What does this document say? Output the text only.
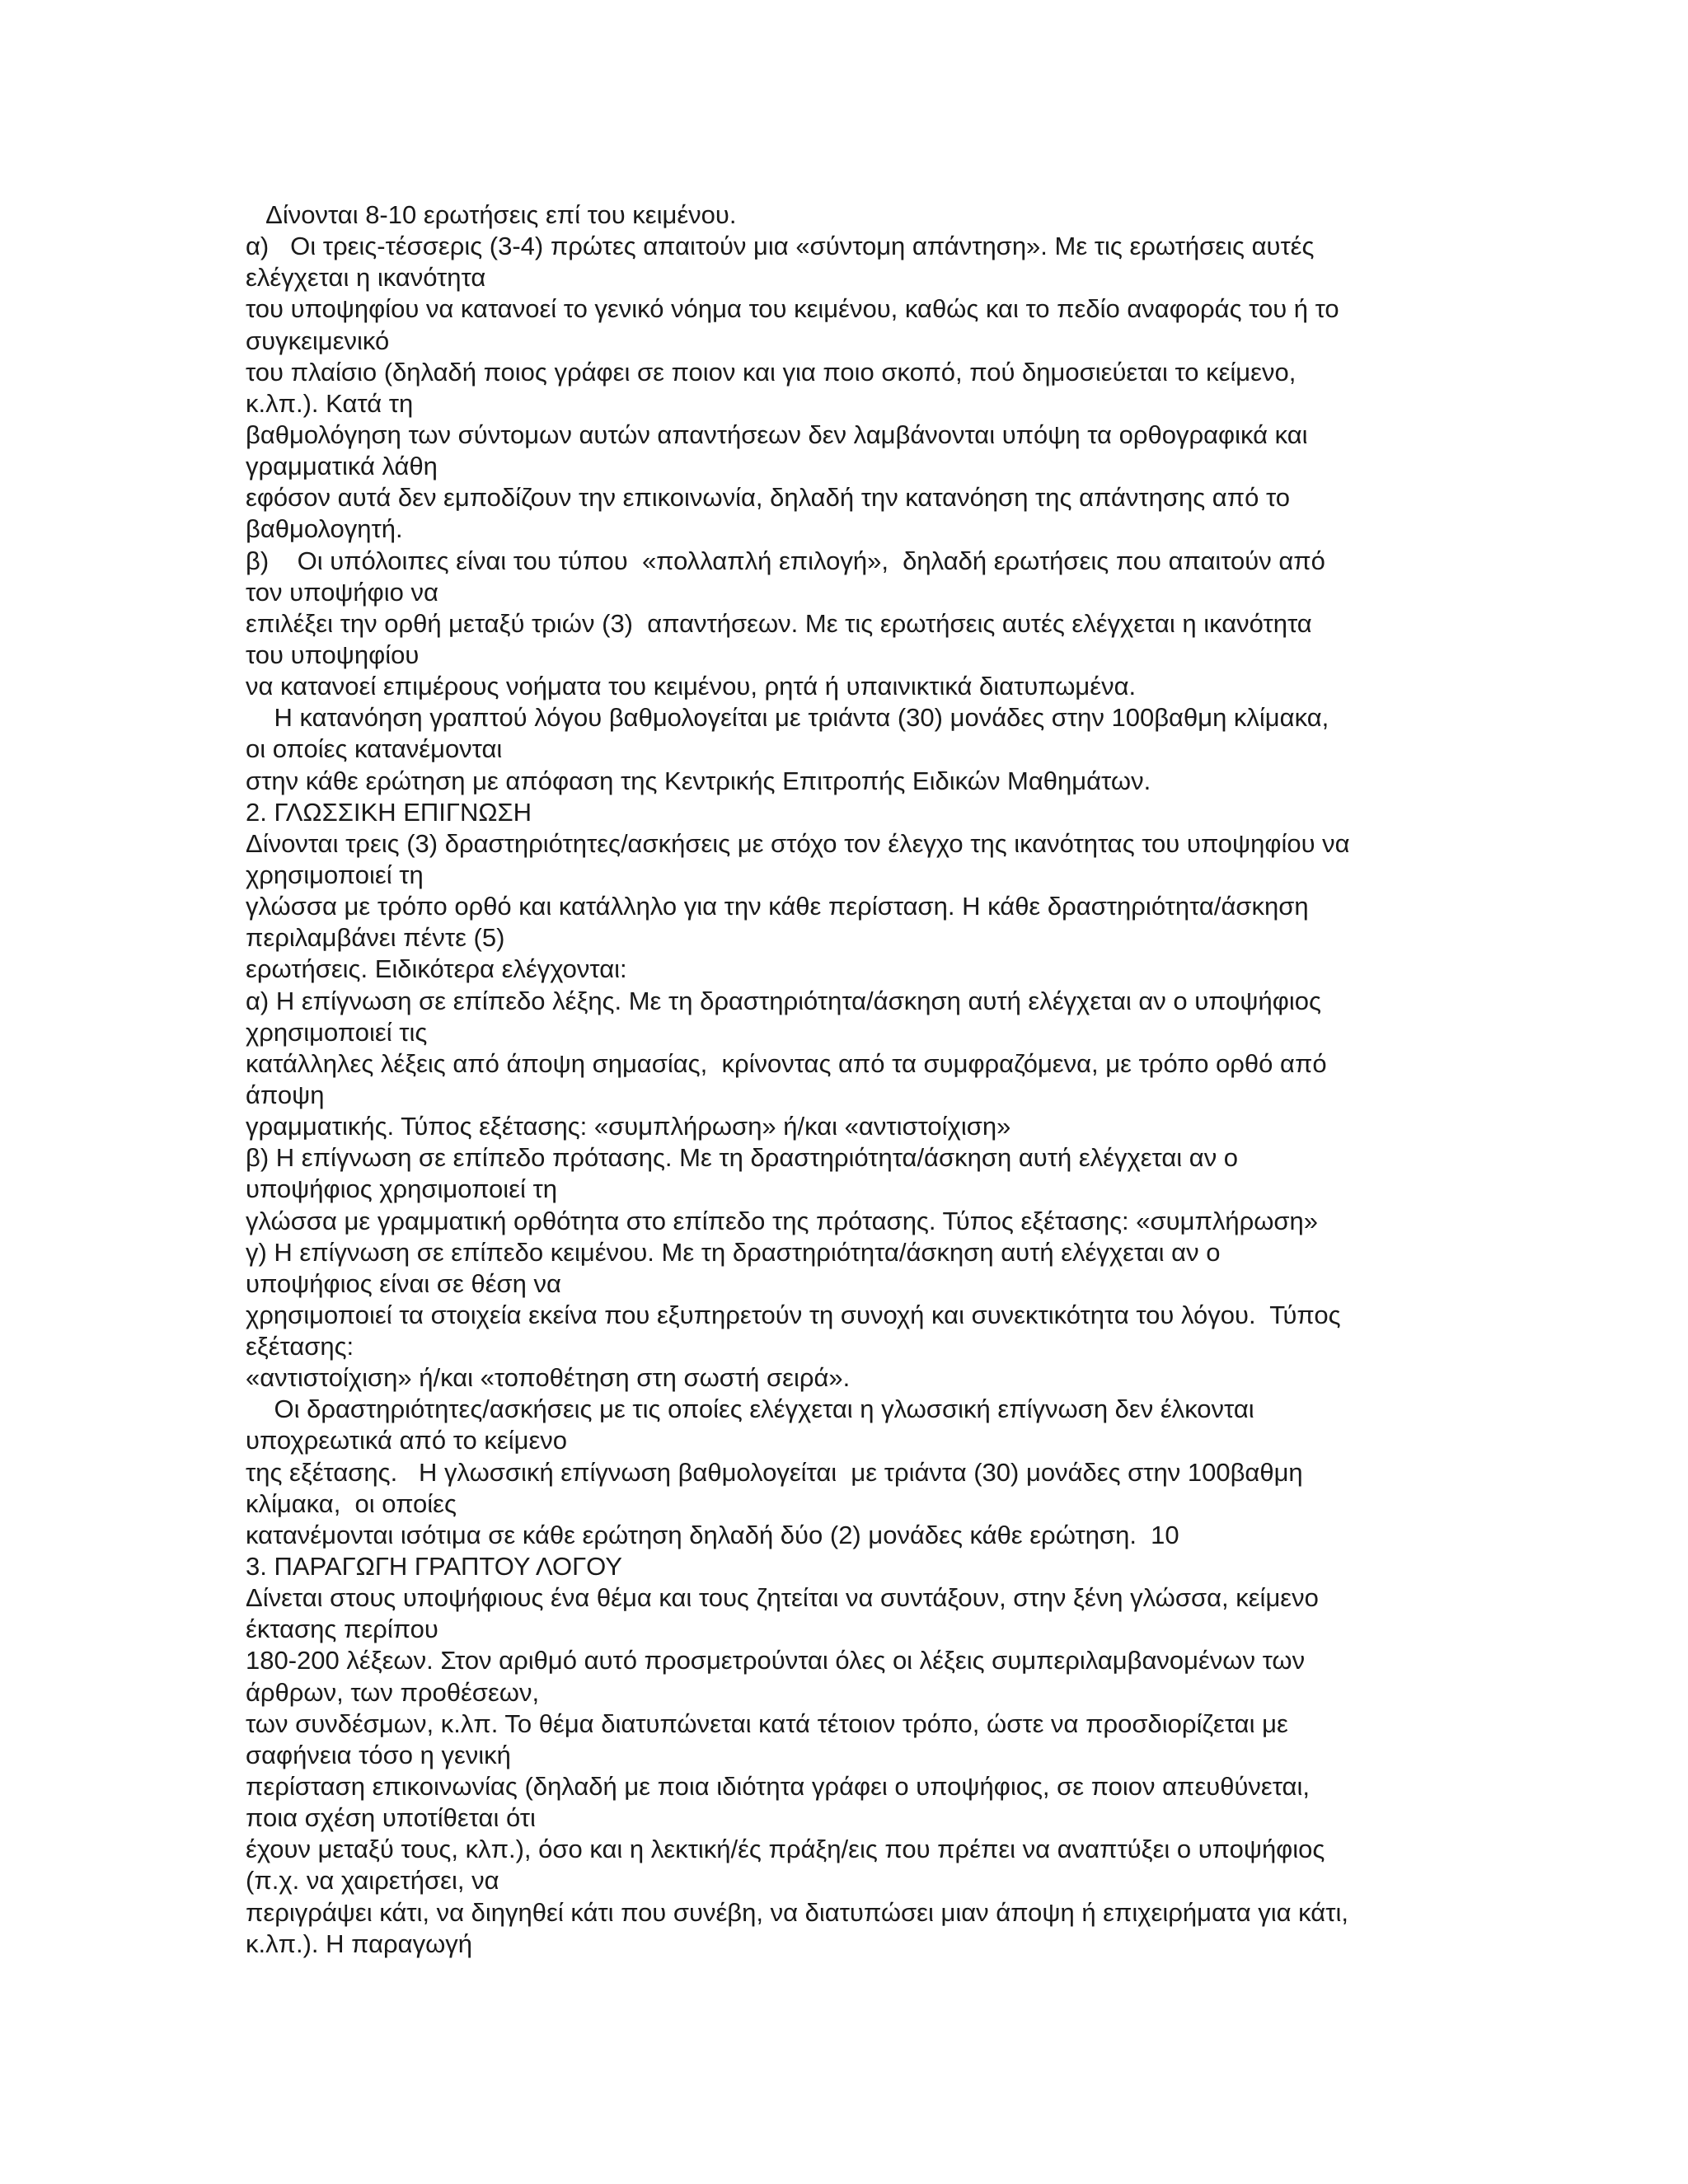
Δίνονται 8-10 ερωτήσεις επί του κειμένου.
α)   Οι τρεις-τέσσερις (3-4) πρώτες απαιτούν μια «σύντομη απάντηση». Με τις ερωτήσεις αυτές
ελέγχεται η ικανότητα
του υποψηφίου να κατανοεί το γενικό νόημα του κειμένου, καθώς και το πεδίο αναφοράς του ή το
συγκειμενικό
του πλαίσιο (δηλαδή ποιος γράφει σε ποιον και για ποιο σκοπό, πού δημοσιεύεται το κείμενο,
κ.λπ.). Κατά τη
βαθμολόγηση των σύντομων αυτών απαντήσεων δεν λαμβάνονται υπόψη τα ορθογραφικά και
γραμματικά λάθη
εφόσον αυτά δεν εμποδίζουν την επικοινωνία, δηλαδή την κατανόηση της απάντησης από το
βαθμολογητή.
β)    Οι υπόλοιπες είναι του τύπου  «πολλαπλή επιλογή»,  δηλαδή ερωτήσεις που απαιτούν από
τον υποψήφιο να
επιλέξει την ορθή μεταξύ τριών (3)  απαντήσεων. Με τις ερωτήσεις αυτές ελέγχεται η ικανότητα
του υποψηφίου
να κατανοεί επιμέρους νοήματα του κειμένου, ρητά ή υπαινικτικά διατυπωμένα.
Η κατανόηση γραπτού λόγου βαθμολογείται με τριάντα (30) μονάδες στην 100βαθμη κλίμακα,
οι οποίες κατανέμονται
στην κάθε ερώτηση με απόφαση της Κεντρικής Επιτροπής Ειδικών Μαθημάτων.
2. ΓΛΩΣΣΙΚΗ ΕΠΙΓΝΩΣΗ
Δίνονται τρεις (3) δραστηριότητες/ασκήσεις με στόχο τον έλεγχο της ικανότητας του υποψηφίου να
χρησιμοποιεί τη
γλώσσα με τρόπο ορθό και κατάλληλο για την κάθε περίσταση. Η κάθε δραστηριότητα/άσκηση
περιλαμβάνει πέντε (5)
ερωτήσεις. Ειδικότερα ελέγχονται:
α) Η επίγνωση σε επίπεδο λέξης. Με τη δραστηριότητα/άσκηση αυτή ελέγχεται αν ο υποψήφιος
χρησιμοποιεί τις
κατάλληλες λέξεις από άποψη σημασίας,  κρίνοντας από τα συμφραζόμενα, με τρόπο ορθό από
άποψη
γραμματικής. Τύπος εξέτασης: «συμπλήρωση» ή/και «αντιστοίχιση»
β) Η επίγνωση σε επίπεδο πρότασης. Με τη δραστηριότητα/άσκηση αυτή ελέγχεται αν ο
υποψήφιος χρησιμοποιεί τη
γλώσσα με γραμματική ορθότητα στο επίπεδο της πρότασης. Τύπος εξέτασης: «συμπλήρωση»
γ) Η επίγνωση σε επίπεδο κειμένου. Με τη δραστηριότητα/άσκηση αυτή ελέγχεται αν ο
υποψήφιος είναι σε θέση να
χρησιμοποιεί τα στοιχεία εκείνα που εξυπηρετούν τη συνοχή και συνεκτικότητα του λόγου.  Τύπος
εξέτασης:
«αντιστοίχιση» ή/και «τοποθέτηση στη σωστή σειρά».
Οι δραστηριότητες/ασκήσεις με τις οποίες ελέγχεται η γλωσσική επίγνωση δεν έλκονται
υποχρεωτικά από το κείμενο
της εξέτασης.   Η γλωσσική επίγνωση βαθμολογείται  με τριάντα (30) μονάδες στην 100βαθμη
κλίμακα,  οι οποίες
κατανέμονται ισότιμα σε κάθε ερώτηση δηλαδή δύο (2) μονάδες κάθε ερώτηση.  10
3. ΠΑΡΑΓΩΓΗ ΓΡΑΠΤΟΥ ΛΟΓΟΥ
Δίνεται στους υποψήφιους ένα θέμα και τους ζητείται να συντάξουν, στην ξένη γλώσσα, κείμενο
έκτασης περίπου
180-200 λέξεων. Στον αριθμό αυτό προσμετρούνται όλες οι λέξεις συμπεριλαμβανομένων των
άρθρων, των προθέσεων,
των συνδέσμων, κ.λπ. Το θέμα διατυπώνεται κατά τέτοιον τρόπο, ώστε να προσδιορίζεται με
σαφήνεια τόσο η γενική
περίσταση επικοινωνίας (δηλαδή με ποια ιδιότητα γράφει ο υποψήφιος, σε ποιον απευθύνεται,
ποια σχέση υποτίθεται ότι
έχουν μεταξύ τους, κλπ.), όσο και η λεκτική/ές πράξη/εις που πρέπει να αναπτύξει ο υποψήφιος
(π.χ. να χαιρετήσει, να
περιγράψει κάτι, να διηγηθεί κάτι που συνέβη, να διατυπώσει μιαν άποψη ή επιχειρήματα για κάτι,
κ.λπ.). Η παραγωγή
